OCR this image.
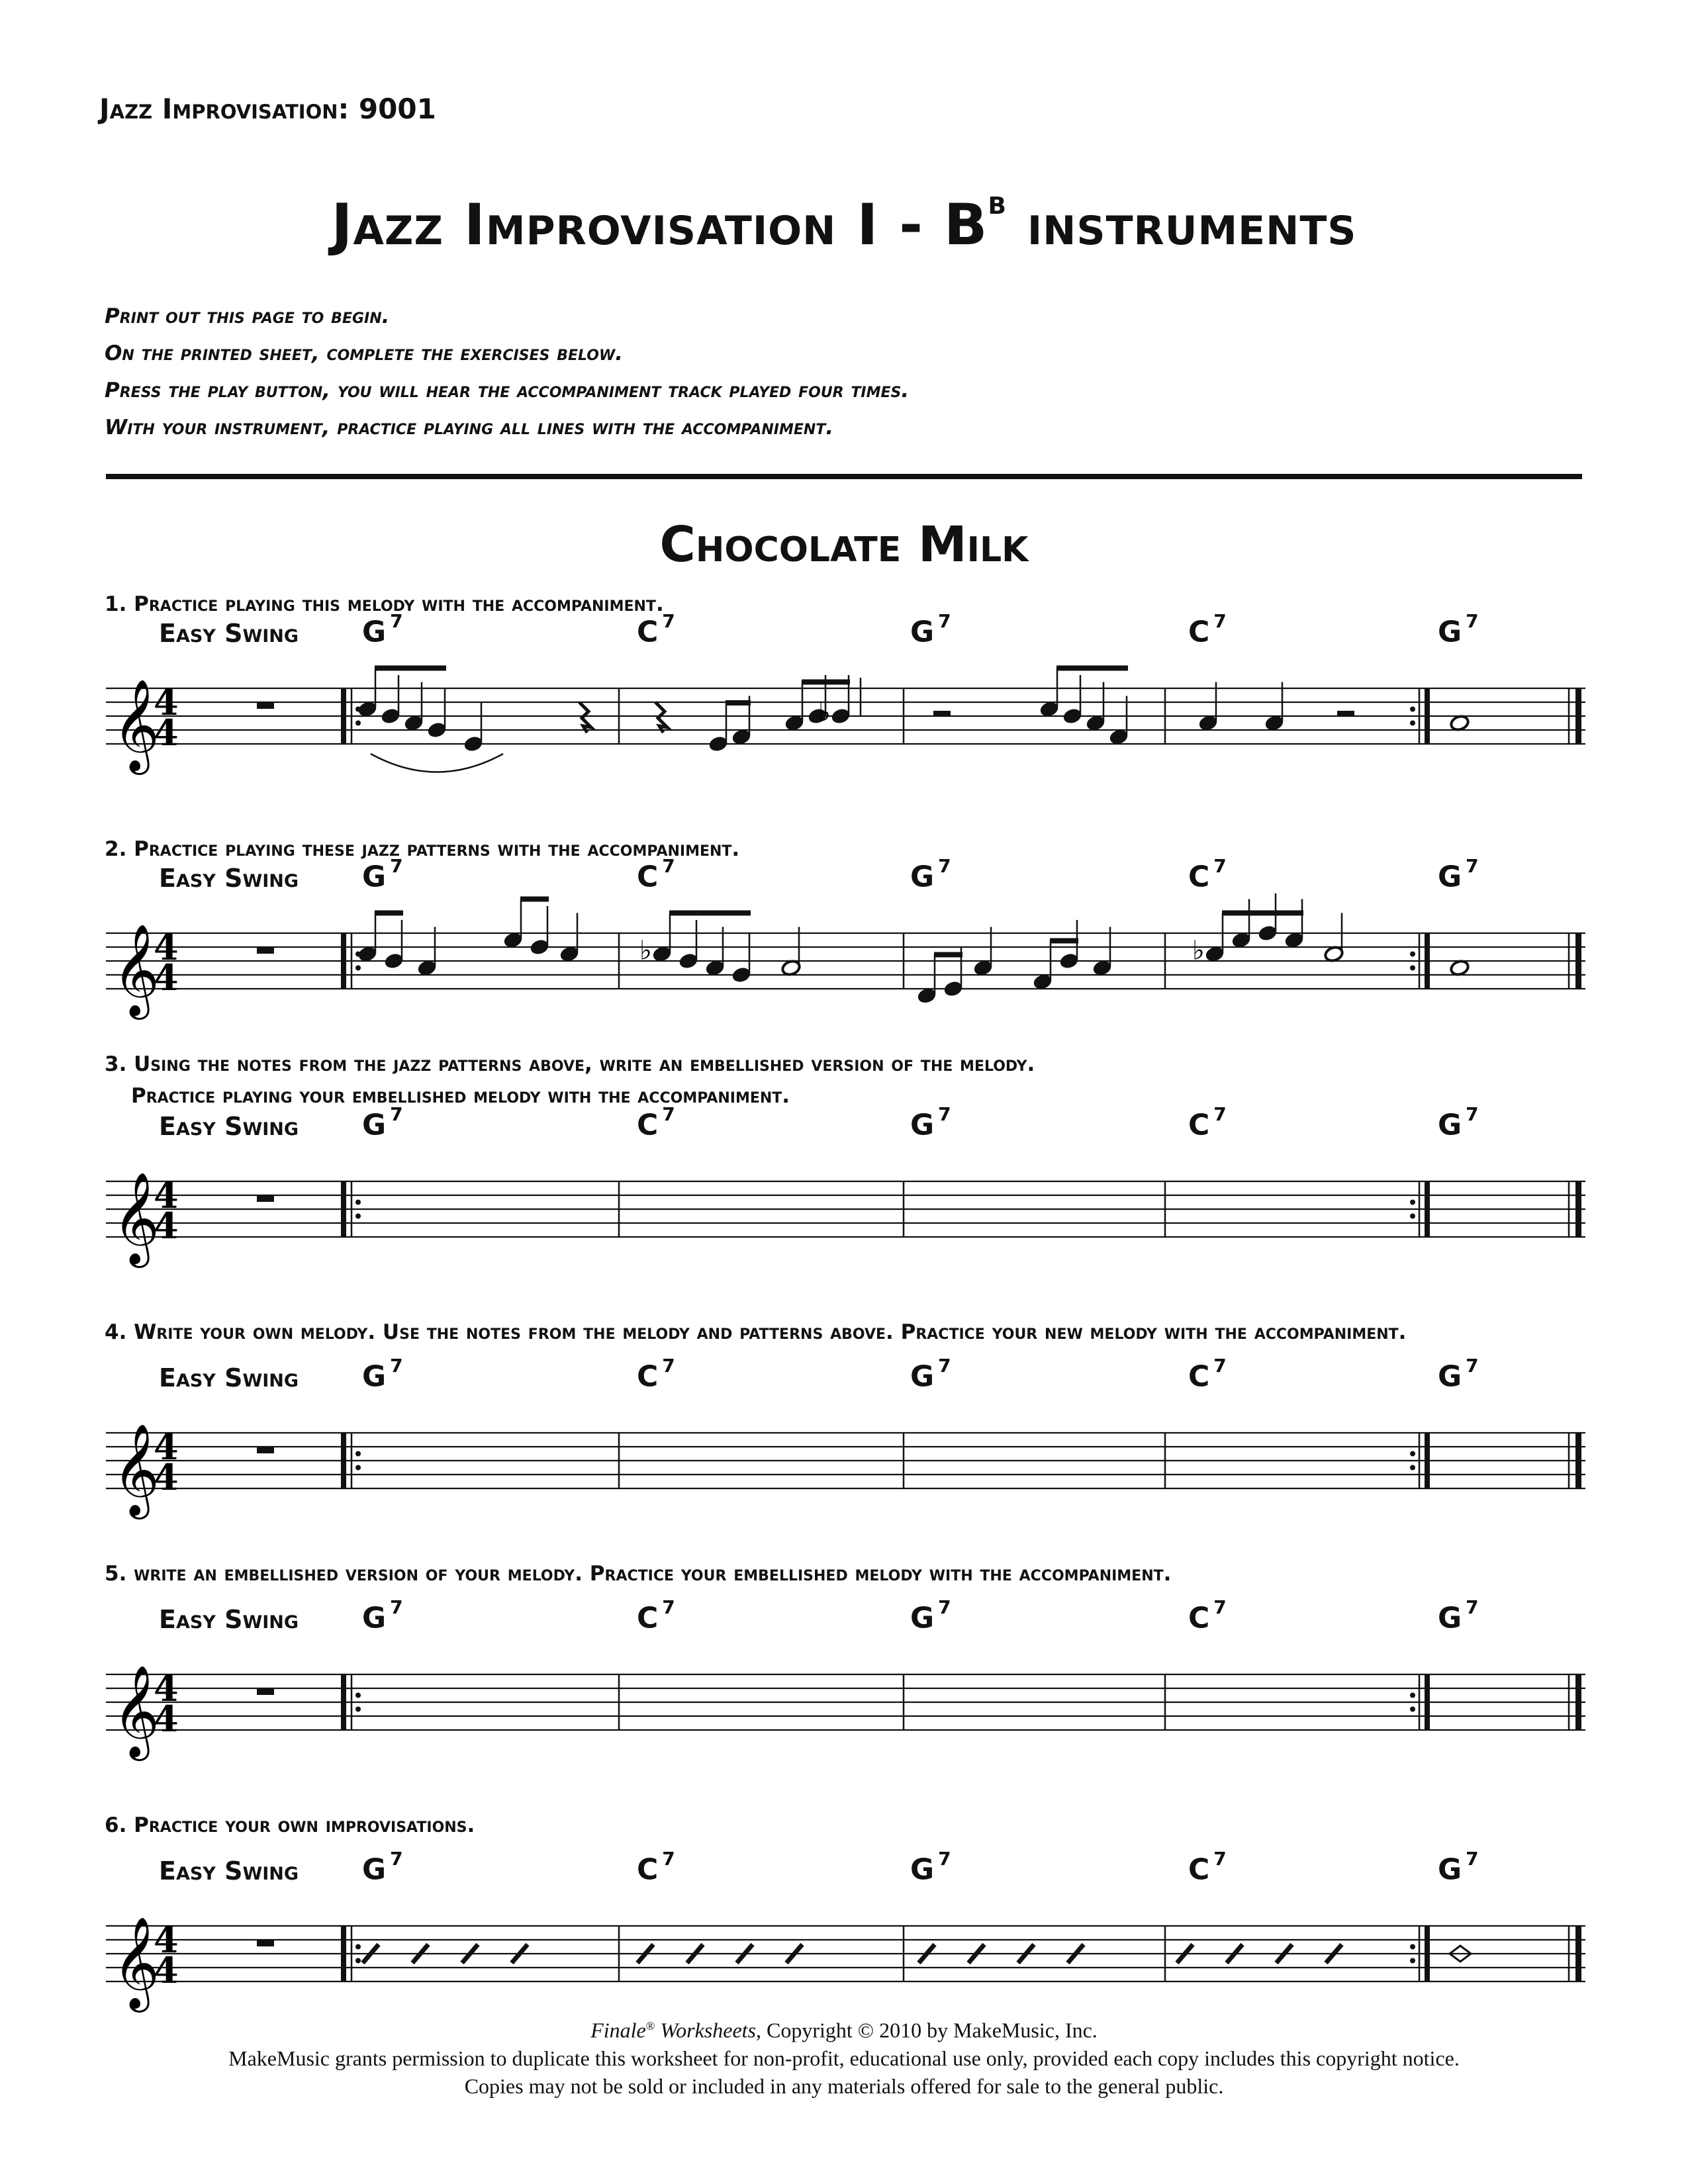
Jazz Improvisation: 9001
Jazz Improvisation I - $B^b$ instruments
Print out this page to begin.
On the printed sheet, complete the exercises below.
Press the play button, you will hear the accompaniment track played four times.
With your instrument, practice playing all lines with the accompaniment.
Chocolate Milk
1. Practice playing this melody with the accompaniment.
Easy Swing G $^7$	C $^7$	G $^7$	C $^7$	G $^7$
𝄞
4
4	♭
2. Practice playing these jazz patterns with the accompaniment.
Easy Swing G $^7$	C $^7$	G $^7$	C $^7$	G $^7$
𝄞
4
4
♭	♭
3. Using the notes from the jazz patterns above, write an embellished version of the melody.
Practice playing your embellished melody with the accompaniment.
Easy Swing G $^7$	C $^7$	G $^7$	C $^7$	G $^7$
𝄞
4
4
4. Write your own melody. Use the notes from the melody and patterns above. Practice your new melody with the accompaniment.
Easy Swing G $^7$	C $^7$	G $^7$	C $^7$	G $^7$
𝄞
4
4
5. write an embellished version of your melody. Practice your embellished melody with the accompaniment.
Easy Swing G $^7$	C $^7$	G $^7$	C $^7$	G $^7$
𝄞
4
4
6. Practice your own improvisations.
Easy Swing G $^7$	C $^7$	G $^7$	C $^7$	G $^7$
𝄞
4
4
Finale® Worksheets, Copyright © 2010 by MakeMusic, Inc.
MakeMusic grants permission to duplicate this worksheet for non-profit, educational use only, provided each copy includes this copyright notice.
Copies may not be sold or included in any materials offered for sale to the general public.
